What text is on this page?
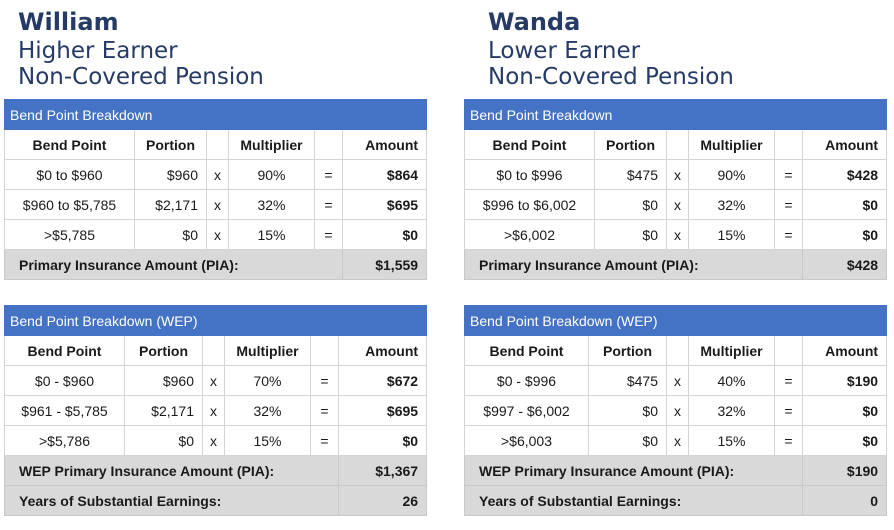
William
Higher Earner
Non-Covered Pension
Bend Point Breakdown					
Bend Point	Portion		Multiplier		Amount
$0 to $960	$960	x	90%	=	$864
$960 to $5,785	$2,171	x	32%	=	$695
>$5,785	$0	x	15%	=	$0
Primary Insurance Amount (PIA):					$1,559
Bend Point Breakdown (WEP)					
Bend Point	Portion		Multiplier		Amount
$0 - $960	$960	x	70%	=	$672
$961 - $5,785	$2,171	x	32%	=	$695
>$5,786	$0	x	15%	=	$0
WEP Primary Insurance Amount (PIA):					$1,367
Years of Substantial Earnings:					26
Wanda
Lower Earner
Non-Covered Pension
Bend Point Breakdown					
Bend Point	Portion		Multiplier		Amount
$0 to $996	$475	x	90%	=	$428
$996 to $6,002	$0	x	32%	=	$0
>$6,002	$0	x	15%	=	$0
Primary Insurance Amount (PIA):					$428
Bend Point Breakdown (WEP)					
Bend Point	Portion		Multiplier		Amount
$0 - $996	$475	x	40%	=	$190
$997 - $6,002	$0	x	32%	=	$0
>$6,003	$0	x	15%	=	$0
WEP Primary Insurance Amount (PIA):					$190
Years of Substantial Earnings:					0
